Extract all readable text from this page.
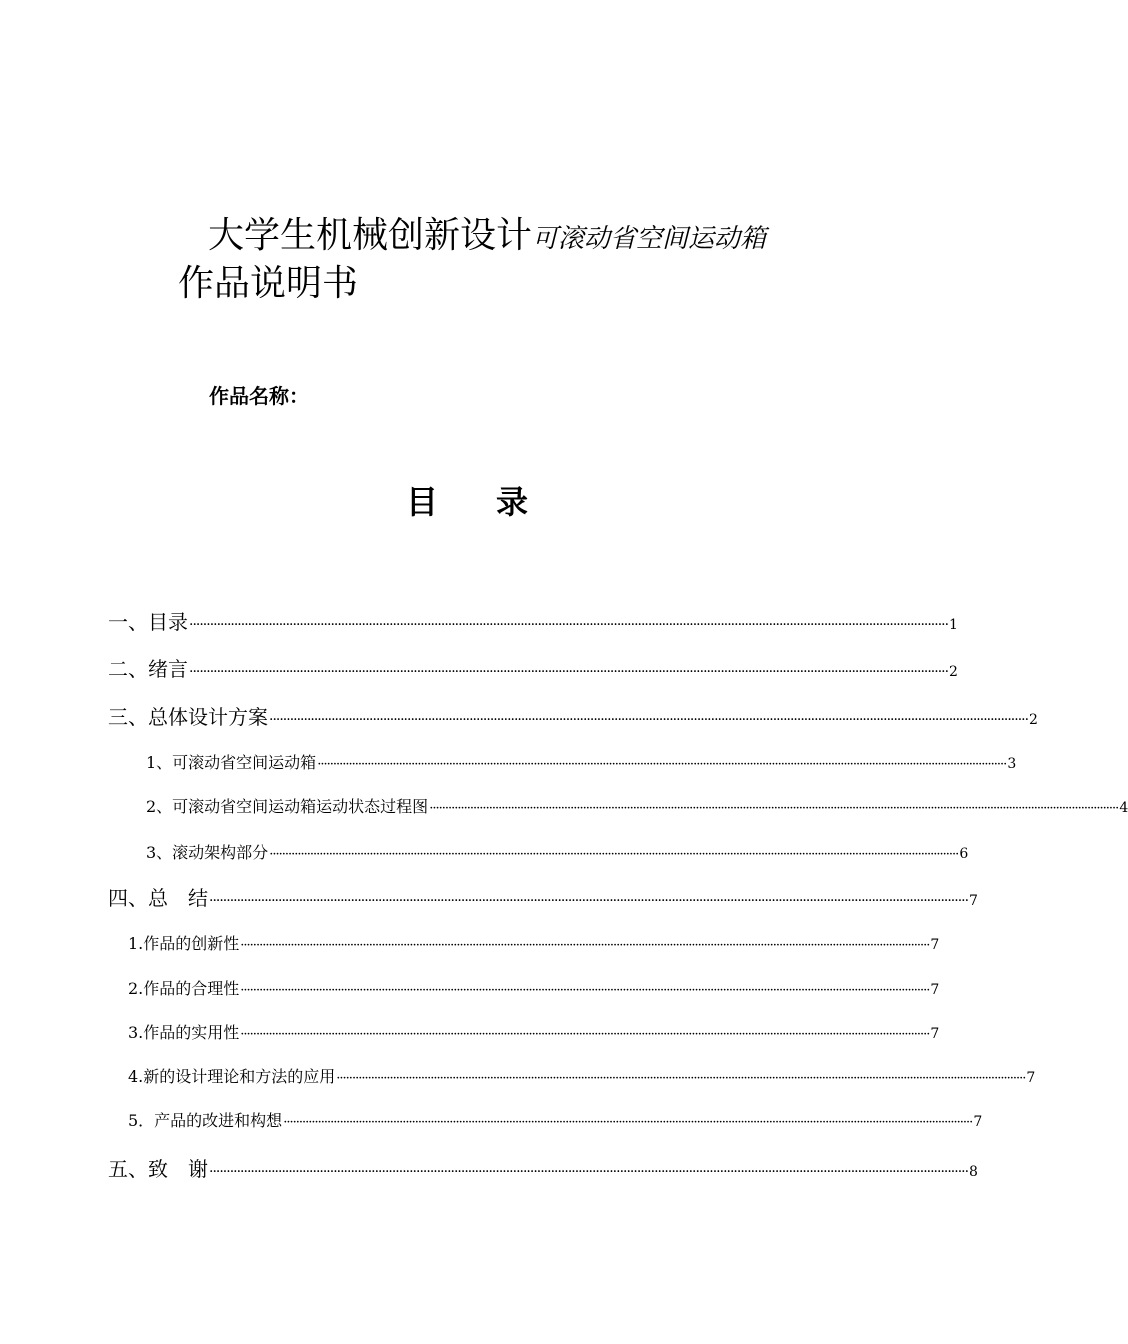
大学生机械创新设计可滚动省空间运动箱
作品说明书
作品名称：
目录
一、目录 ···························································································································································································································· 1
二、绪言 ···························································································································································································································· 2
三、总体设计方案 ···························································································································································································································· 2
1、可滚动省空间运动箱 ···························································································································································································································· 3
2、可滚动省空间运动箱运动状态过程图 ···························································································································································································································· 4
3、滚动架构部分 ···························································································································································································································· 6
四、总　结 ···························································································································································································································· 7
1.作品的创新性 ···························································································································································································································· 7
2.作品的合理性 ···························································································································································································································· 7
3.作品的实用性 ···························································································································································································································· 7
4.新的设计理论和方法的应用 ···························································································································································································································· 7
5．产品的改进和构想 ···························································································································································································································· 7
五、致　谢 ···························································································································································································································· 8
